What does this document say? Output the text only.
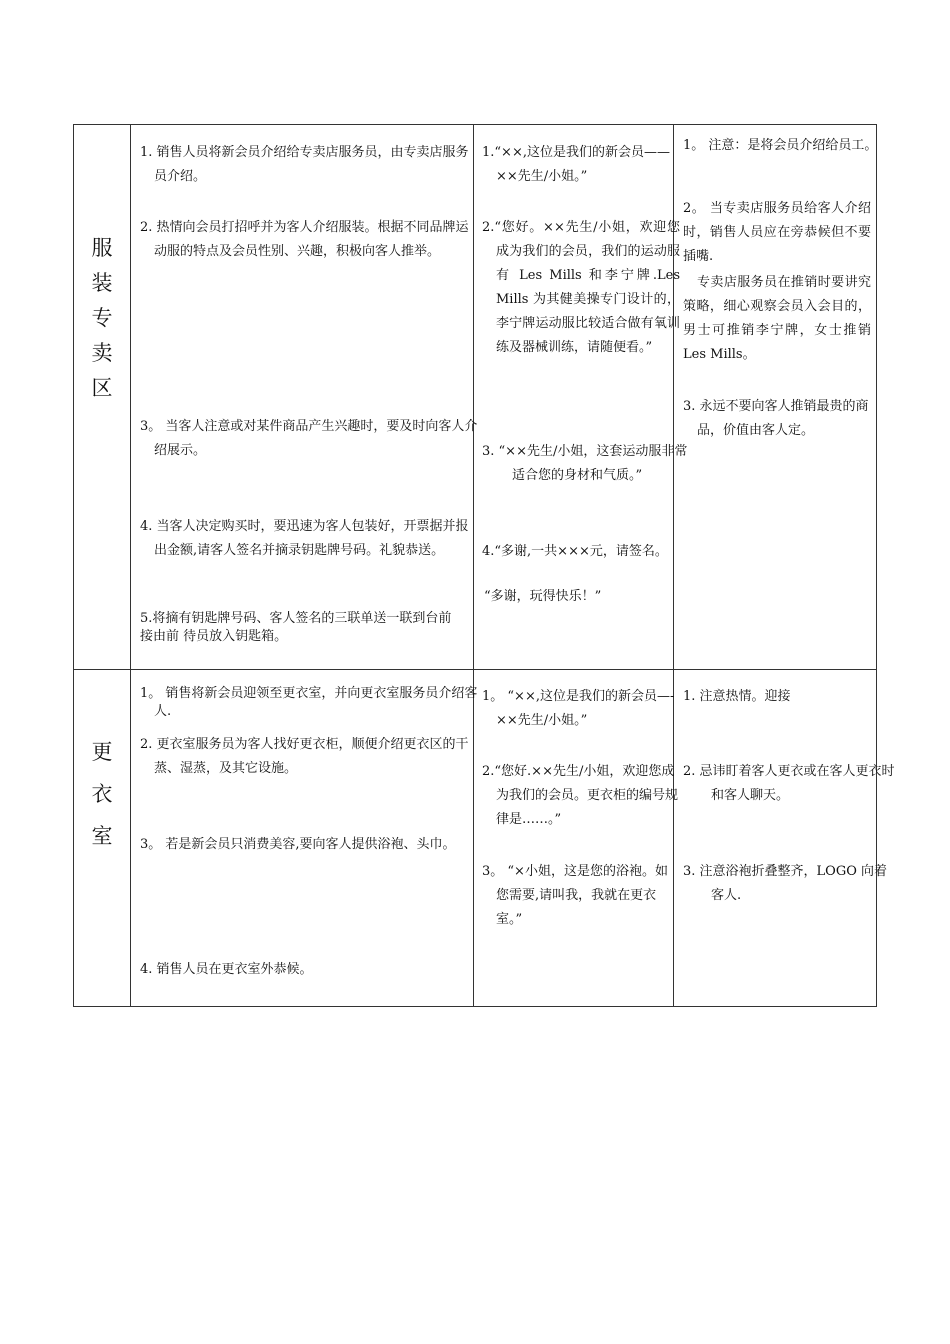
服
装
专
卖
区

1. 销售人员将新会员介绍给专卖店服务员，由专卖店服务员介绍。

2. 热情向会员打招呼并为客人介绍服装。根据不同品牌运动服的特点及会员性别、兴趣，积极向客人推举。

3。 当客人注意或对某件商品产生兴趣时，要及时向客人介绍展示。

4. 当客人决定购买时，要迅速为客人包装好，开票据并报出金额,请客人签名并摘录钥匙牌号码。礼貌恭送。

5.将摘有钥匙牌号码、客人签名的三联单送一联到台前 接由前 待员放入钥匙箱。

1.“××,这位是我们的新会员——××先生/小姐。”

2.“您好。××先生/小姐，欢迎您成为我们的会员，我们的运动服有 Les Mills 和李宁牌.Les Mills 为其健美操专门设计的，李宁牌运动服比较适合做有氧训练及器械训练，请随便看。”

3. “××先生/小姐，这套运动服非常适合您的身材和气质。”

4.“多谢,一共×××元，请签名。

“多谢，玩得快乐！”

1。 注意：是将会员介绍给员工。

2。 当专卖店服务员给客人介绍时，销售人员应在旁恭候但不要插嘴.

专卖店服务员在推销时要讲究策略，细心观察会员入会目的，男士可推销李宁牌，女士推销 Les Mills。

3. 永远不要向客人推销最贵的商品，价值由客人定。

更
衣
室

1。 销售将新会员迎领至更衣室，并向更衣室服务员介绍客人.

2. 更衣室服务员为客人找好更衣柜，顺便介绍更衣区的干蒸、湿蒸，及其它设施。

3。 若是新会员只消费美容,要向客人提供浴袍、头巾。

4. 销售人员在更衣室外恭候。

1。 “××,这位是我们的新会员—-××先生/小姐。”

2.“您好.××先生/小姐，欢迎您成为我们的会员。更衣柜的编号规律是……。”

3。 “×小姐，这是您的浴袍。如您需要,请叫我，我就在更衣室。”

1. 注意热情。迎接

2. 忌讳盯着客人更衣或在客人更衣时和客人聊天。

3. 注意浴袍折叠整齐，LOGO 向着客人.
